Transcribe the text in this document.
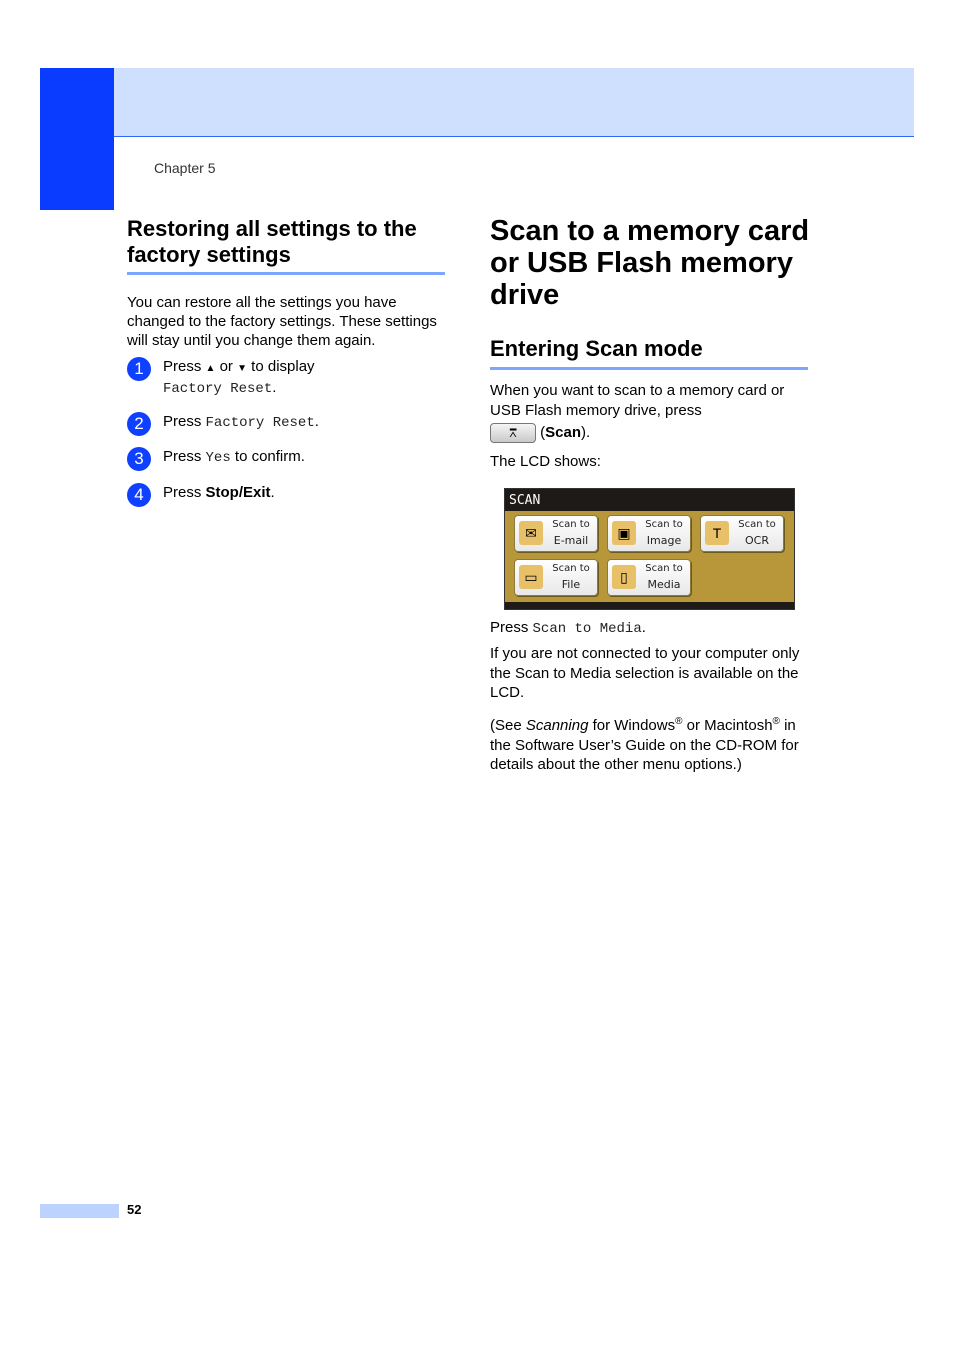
Chapter 5
Restoring all settings to the factory settings

You can restore all the settings you have changed to the factory settings. These settings will stay until you change them again.

1	Press ▲ or ▼ to display
Factory Reset.
2	Press Factory Reset.
3	Press Yes to confirm.
4	Press Stop/Exit.
Scan to a memory card or USB Flash memory drive
Entering Scan mode

When you want to scan to a memory card or USB Flash memory drive, press

⩞ (Scan).

The LCD shows:

Press Scan to Media.

If you are not connected to your computer only the Scan to Media selection is available on the LCD.

(See Scanning for Windows® or Macintosh® in the Software User’s Guide on the CD-ROM for details about the other menu options.)

SCAN
✉
Scan to
E-mail	▣
Scan to
Image	T
Scan to
OCR
▭
Scan to
File	▯
Scan to
Media
52
